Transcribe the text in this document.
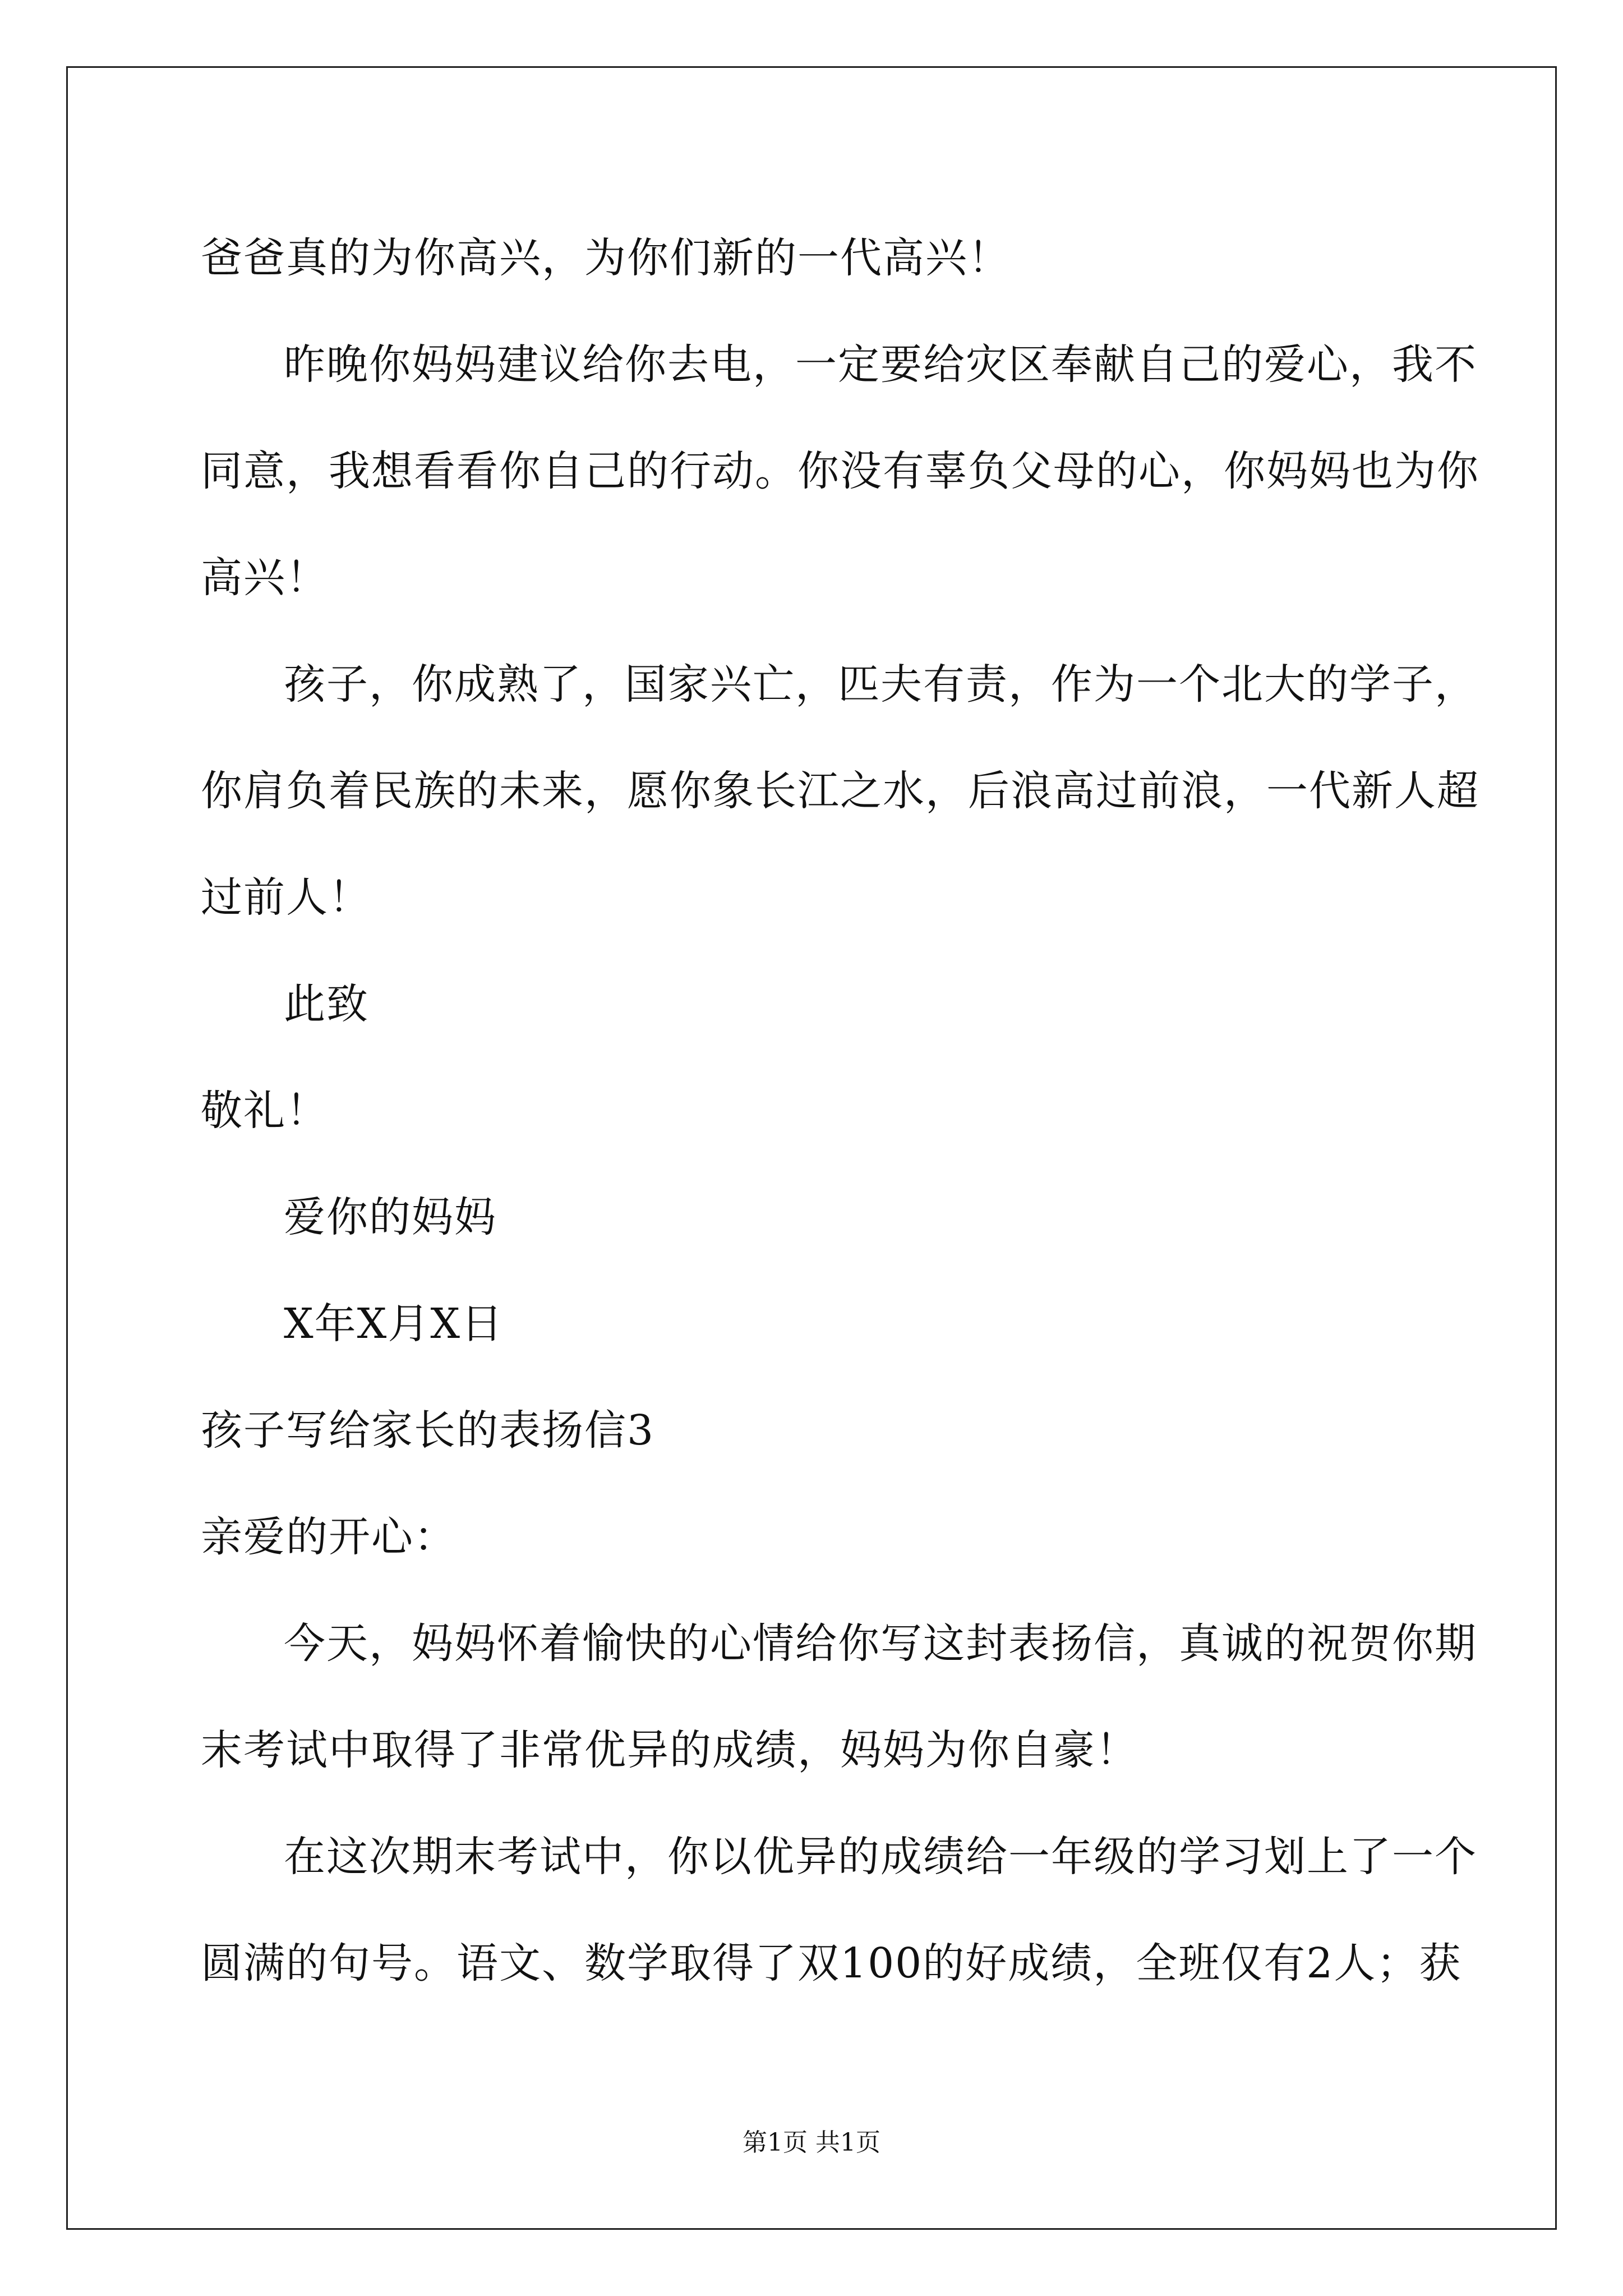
爸爸真的为你高兴，为你们新的一代高兴！
昨晚你妈妈建议给你去电，一定要给灾区奉献自己的爱心，我不
同意，我想看看你自己的行动。你没有辜负父母的心，你妈妈也为你
高兴！
孩子，你成熟了，国家兴亡，匹夫有责，作为一个北大的学子，
你肩负着民族的未来，愿你象长江之水，后浪高过前浪，一代新人超
过前人！
此致
敬礼！
爱你的妈妈
X年X月X日
孩子写给家长的表扬信3
亲爱的开心：
今天，妈妈怀着愉快的心情给你写这封表扬信，真诚的祝贺你期
末考试中取得了非常优异的成绩，妈妈为你自豪！
在这次期末考试中，你以优异的成绩给一年级的学习划上了一个
圆满的句号。语文、数学取得了双100的好成绩，全班仅有2人；获
第1页 共1页
